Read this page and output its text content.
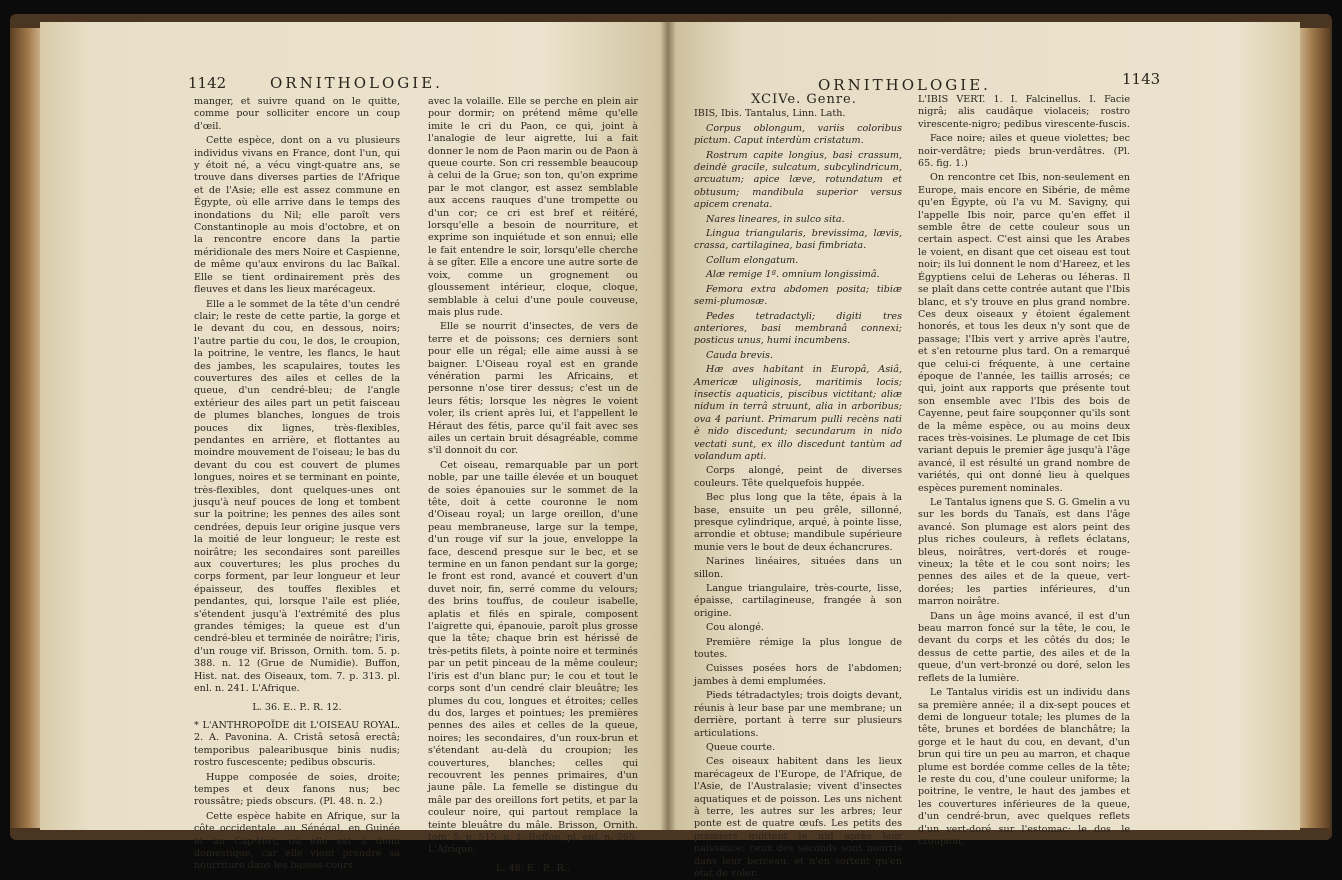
1142	ORNITHOLOGIE.

manger, et suivre quand on le quitte, comme pour solliciter encore un coup d'œil.

Cette espèce, dont on a vu plusieurs individus vivans en France, dont l'un, qui y étoit né, a vécu vingt-quatre ans, se trouve dans diverses parties de l'Afrique et de l'Asie; elle est assez commune en Égypte, où elle arrive dans le temps des inondations du Nil; elle paroît vers Constantinople au mois d'octobre, et on la rencontre encore dans la partie méridionale des mers Noire et Caspienne, de même qu'aux environs du lac Baïkal. Elle se tient ordinairement près des fleuves et dans les lieux marécageux.

Elle a le sommet de la tête d'un cendré clair; le reste de cette partie, la gorge et le devant du cou, en dessous, noirs; l'autre partie du cou, le dos, le croupion, la poitrine, le ventre, les flancs, le haut des jambes, les scapulaires, toutes les couvertures des ailes et celles de la queue, d'un cendré-bleu; de l'angle extérieur des ailes part un petit faisceau de plumes blanches, longues de trois pouces dix lignes, très-flexibles, pendantes en arrière, et flottantes au moindre mouvement de l'oiseau; le bas du devant du cou est couvert de plumes longues, noires et se terminant en pointe, très-flexibles, dont quelques-unes ont jusqu'à neuf pouces de long et tombent sur la poitrine; les pennes des ailes sont cendrées, depuis leur origine jusque vers la moitié de leur longueur; le reste est noirâtre; les secondaires sont pareilles aux couvertures; les plus proches du corps forment, par leur longueur et leur épaisseur, des touffes flexibles et pendantes, qui, lorsque l'aile est pliée, s'étendent jusqu'à l'extrémité des plus grandes témiges; la queue est d'un cendré-bleu et terminée de noirâtre; l'iris, d'un rouge vif. Brisson, Ornith. tom. 5. p. 388. n. 12 (Grue de Numidie). Buffon, Hist. nat. des Oiseaux, tom. 7. p. 313. pl. enl. n. 241. L'Afrique.

L. 36. E.. P.. R. 12.

* L'ANTHROPOÏDE dit L'OISEAU ROYAL. 2. A. Pavonina. A. Cristâ setosâ erectâ; temporibus palearibusque binis nudis; rostro fuscescente; pedibus obscuris.

Huppe composée de soies, droite; tempes et deux fanons nus; bec roussâtre; pieds obscurs. (Pl. 48. n. 2.)

Cette espèce habite en Afrique, sur la côte occidentale, au Sénégal, en Guinée et au Cap-Vert, où elle est à demi domestique, car elle vient prendre sa nourriture dans les basses-cours

avec la volaille. Elle se perche en plein air pour dormir; on prétend même qu'elle imite le cri du Paon, ce qui, joint à l'analogie de leur aigrette, lui a fait donner le nom de Paon marin ou de Paon à queue courte. Son cri ressemble beaucoup à celui de la Grue; son ton, qu'on exprime par le mot clangor, est assez semblable aux accens rauques d'une trompette ou d'un cor; ce cri est bref et réitéré, lorsqu'elle a besoin de nourriture, et exprime son inquiétude et son ennui; elle le fait entendre le soir, lorsqu'elle cherche à se gîter. Elle a encore une autre sorte de voix, comme un grognement ou gloussement intérieur, cloque, cloque, semblable à celui d'une poule couveuse, mais plus rude.

Elle se nourrit d'insectes, de vers de terre et de poissons; ces derniers sont pour elle un régal; elle aime aussi à se baigner. L'Oiseau royal est en grande vénération parmi les Africains, et personne n'ose tirer dessus; c'est un de leurs fétis; lorsque les nègres le voient voler, ils crient après lui, et l'appellent le Héraut des fétis, parce qu'il fait avec ses ailes un certain bruit désagréable, comme s'il donnoit du cor.

Cet oiseau, remarquable par un port noble, par une taille élevée et un bouquet de soies épanouies sur le sommet de la tête, doit à cette couronne le nom d'Oiseau royal; un large oreillon, d'une peau membraneuse, large sur la tempe, d'un rouge vif sur la joue, enveloppe la face, descend presque sur le bec, et se termine en un fanon pendant sur la gorge; le front est rond, avancé et couvert d'un duvet noir, fin, serré comme du velours; des brins touffus, de couleur isabelle, aplatis et filés en spirale, composent l'aigrette qui, épanouie, paroît plus grosse que la tête; chaque brin est hérissé de très-petits filets, à pointe noire et terminés par un petit pinceau de la même couleur; l'iris est d'un blanc pur; le cou et tout le corps sont d'un cendré clair bleuâtre; les plumes du cou, longues et étroites; celles du dos, larges et pointues; les premières pennes des ailes et celles de la queue, noires; les secondaires, d'un roux-brun et s'étendant au-delà du croupion; les couvertures, blanches; celles qui recouvrent les pennes primaires, d'un jaune pâle. La femelle se distingue du mâle par des oreillons fort petits, et par la couleur noire, qui partout remplace la teinte bleuâtre du mâle. Brisson, Ornith. tom. 5. p. 515. n. 1. Buffon, pl. enl. n. 265. L'Afrique.

L. 48. E.. P.. R..

ORNITHOLOGIE.	1143

XCIVe. Genre.

IBIS, Ibis. Tantalus, Linn. Lath.

Corpus oblongum, variis coloribus pictum. Caput interdùm cristatum.

Rostrum capite longius, basi crassum, deindè gracile, sulcatum, subcylindricum, arcuatum; apice læve, rotundatum et obtusum; mandibula superior versus apicem crenata.

Nares lineares, in sulco sita.

Lingua triangularis, brevissima, lævis, crassa, cartilaginea, basi fimbriata.

Collum elongatum.

Alæ remige 1ª. omnium longissimâ.

Femora extra abdomen posita; tibiæ semi-plumosæ.

Pedes tetradactyli; digiti tres anteriores, basi membranâ connexi; posticus unus, humi incumbens.

Cauda brevis.

Hæ aves habitant in Europâ, Asiâ, Americæ uliginosis, maritimis locis; insectis aquaticis, piscibus victitant; aliæ nidum in terrâ struunt, alia in arboribus; ova 4 pariunt. Primarum pulli recèns nati è nido discedunt; secundarum in nido vectati sunt, ex illo discedunt tantùm ad volandum apti.

Corps alongé, peint de diverses couleurs. Tête quelquefois huppée.

Bec plus long que la tête, épais à la base, ensuite un peu grêle, sillonné, presque cylindrique, arqué, à pointe lisse, arrondie et obtuse; mandibule supérieure munie vers le bout de deux échancrures.

Narines linéaires, situées dans un sillon.

Langue triangulaire, très-courte, lisse, épaisse, cartilagineuse, frangée à son origine.

Cou alongé.

Première rémige la plus longue de toutes.

Cuisses posées hors de l'abdomen; jambes à demi emplumées.

Pieds tétradactyles; trois doigts devant, réunis à leur base par une membrane; un derrière, portant à terre sur plusieurs articulations.

Queue courte.

Ces oiseaux habitent dans les lieux marécageux de l'Europe, de l'Afrique, de l'Asie, de l'Australasie; vivent d'insectes aquatiques et de poisson. Les uns nichent à terre, les autres sur les arbres; leur ponte est de quatre œufs. Les petits des premiers quittent le nid après leur naissance; ceux des seconds sont nourris dans leur berceau, et n'en sortent qu'en état de voler.

L'IBIS VERT. 1. I. Falcinellus. I. Facie nigrâ; alis caudâque violaceis; rostro virescente-nigro; pedibus virescente-fuscis.

Face noire; ailes et queue violettes; bec noir-verdâtre; pieds brun-verdâtres. (Pl. 65. fig. 1.)

On rencontre cet Ibis, non-seulement en Europe, mais encore en Sibérie, de même qu'en Égypte, où l'a vu M. Savigny, qui l'appelle Ibis noir, parce qu'en effet il semble être de cette couleur sous un certain aspect. C'est ainsi que les Arabes le voient, en disant que cet oiseau est tout noir; ils lui donnent le nom d'Hareez, et les Égyptiens celui de Leheras ou Iéheras. Il se plaît dans cette contrée autant que l'Ibis blanc, et s'y trouve en plus grand nombre. Ces deux oiseaux y étoient également honorés, et tous les deux n'y sont que de passage; l'Ibis vert y arrive après l'autre, et s'en retourne plus tard. On a remarqué que celui-ci fréquente, à une certaine époque de l'année, les taillis arrosés; ce qui, joint aux rapports que présente tout son ensemble avec l'Ibis des bois de Cayenne, peut faire soupçonner qu'ils sont de la même espèce, ou au moins deux races très-voisines. Le plumage de cet Ibis variant depuis le premier âge jusqu'à l'âge avancé, il est résulté un grand nombre de variétés, qui ont donné lieu à quelques espèces purement nominales.

Le Tantalus ignens que S. G. Gmelin a vu sur les bords du Tanaïs, est dans l'âge avancé. Son plumage est alors peint des plus riches couleurs, à reflets éclatans, bleus, noirâtres, vert-dorés et rouge-vineux; la tête et le cou sont noirs; les pennes des ailes et de la queue, vert-dorées; les parties inférieures, d'un marron noirâtre.

Dans un âge moins avancé, il est d'un beau marron foncé sur la tête, le cou, le devant du corps et les côtés du dos; le dessus de cette partie, des ailes et de la queue, d'un vert-bronzé ou doré, selon les reflets de la lumière.

Le Tantalus viridis est un individu dans sa première année; il a dix-sept pouces et demi de longueur totale; les plumes de la tête, brunes et bordées de blanchâtre; la gorge et le haut du cou, en devant, d'un brun qui tire un peu au marron, et chaque plume est bordée comme celles de la tête; le reste du cou, d'une couleur uniforme; la poitrine, le ventre, le haut des jambes et les couvertures inférieures de la queue, d'un cendré-brun, avec quelques reflets d'un vert-doré sur l'estomac; le dos, le croupion,
